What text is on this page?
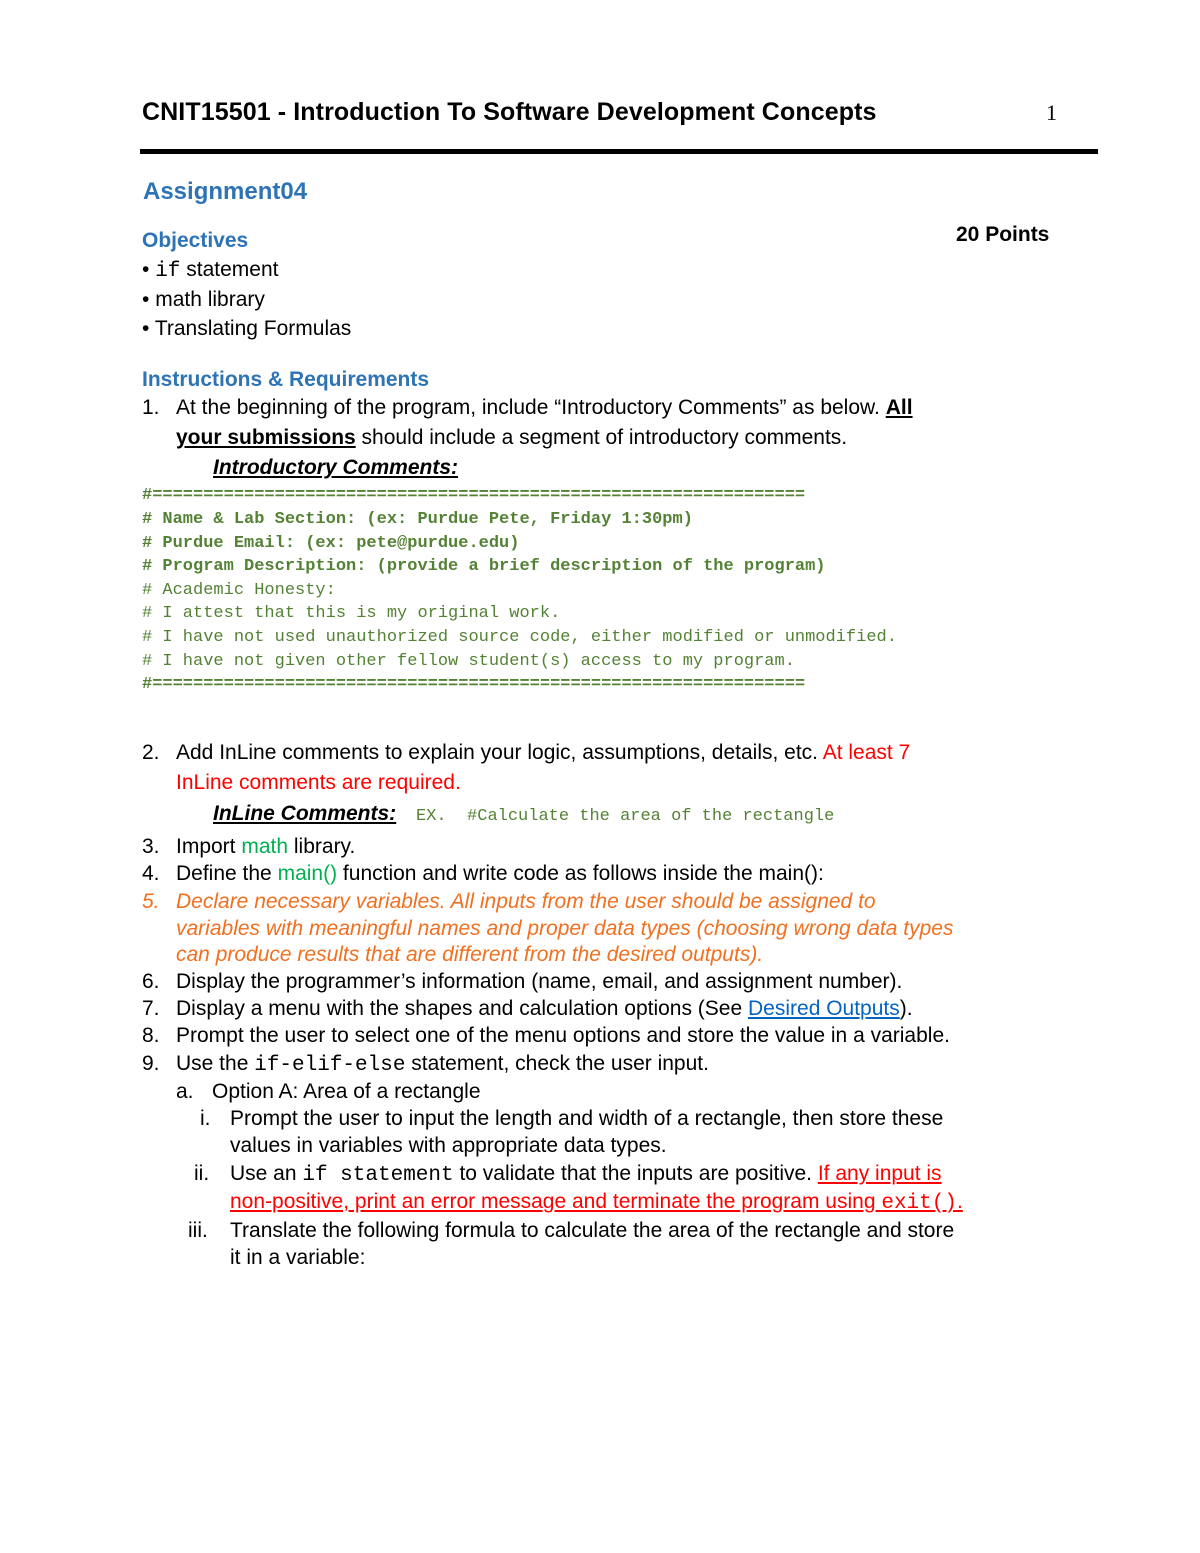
CNIT15501 - Introduction To Software Development Concepts	1
Assignment04
20 Points
Objectives
• if statement
• math library
• Translating Formulas
Instructions & Requirements
1. At the beginning of the program, include “Introductory Comments” as below. All
your submissions should include a segment of introductory comments.
Introductory Comments:
#================================================================
# Name & Lab Section: (ex: Purdue Pete, Friday 1:30pm)
# Purdue Email: (ex: pete@purdue.edu)
# Program Description: (provide a brief description of the program)
# Academic Honesty:
# I attest that this is my original work.
# I have not used unauthorized source code, either modified or unmodified.
# I have not given other fellow student(s) access to my program.
#================================================================
2. Add InLine comments to explain your logic, assumptions, details, etc. At least 7
InLine comments are required.
InLine Comments: EX.  #Calculate the area of the rectangle
3. Import math library.
4. Define the main() function and write code as follows inside the main():
5. Declare necessary variables. All inputs from the user should be assigned to
variables with meaningful names and proper data types (choosing wrong data types
can produce results that are different from the desired outputs).
6. Display the programmer’s information (name, email, and assignment number).
7. Display a menu with the shapes and calculation options (See Desired Outputs).
8. Prompt the user to select one of the menu options and store the value in a variable.
9. Use the if-elif-else statement, check the user input.
a. Option A: Area of a rectangle
i. Prompt the user to input the length and width of a rectangle, then store these
values in variables with appropriate data types.
ii. Use an if statement to validate that the inputs are positive. If any input is
non-positive, print an error message and terminate the program using exit().
iii. Translate the following formula to calculate the area of the rectangle and store
it in a variable:
